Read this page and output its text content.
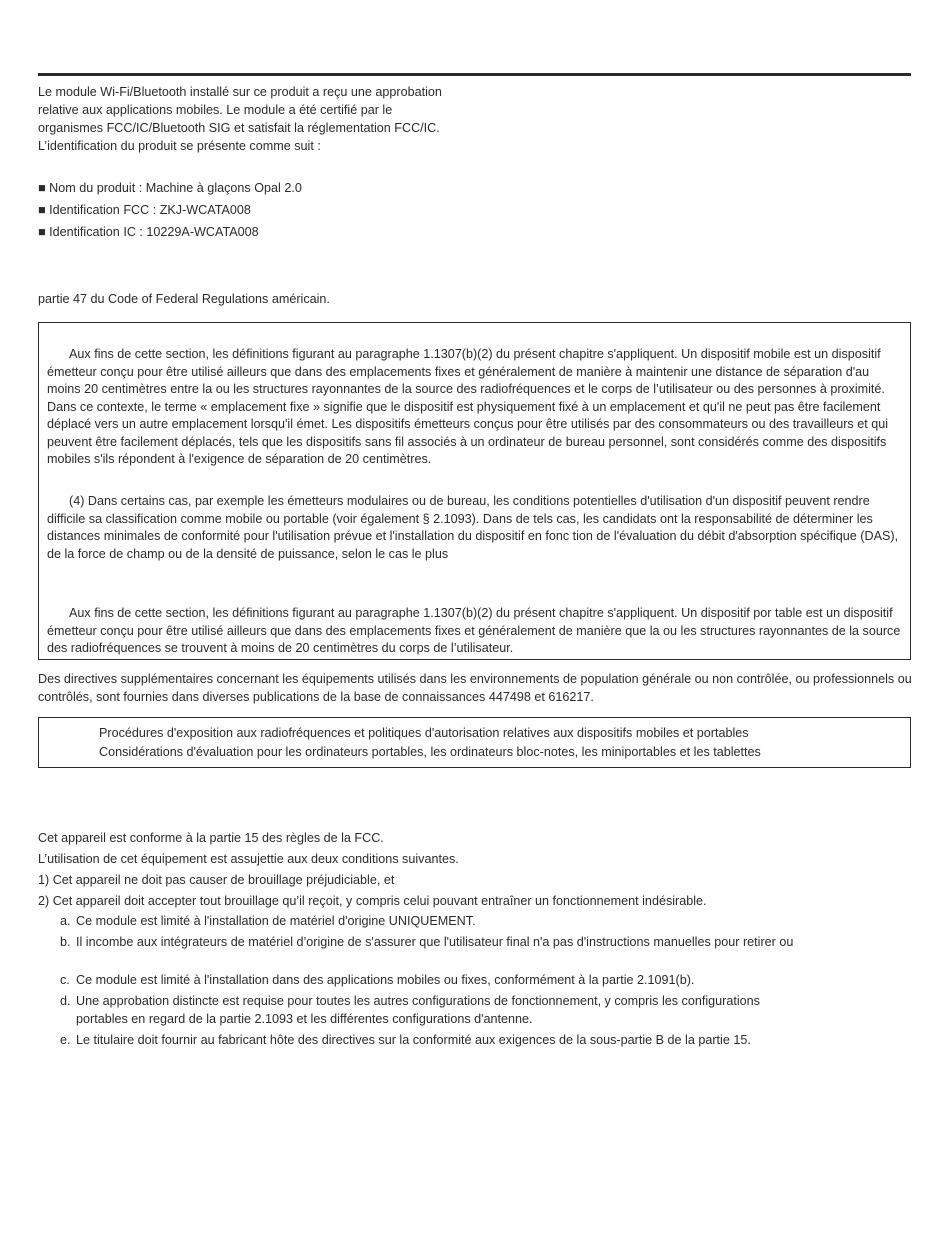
Le module Wi-Fi/Bluetooth installé sur ce produit a reçu une approbation relative aux applications mobiles. Le module a été certifié par le organismes FCC/IC/Bluetooth SIG et satisfait la réglementation FCC/IC. L’identification du produit se présente comme suit :

■ Nom du produit : Machine à glaçons Opal 2.0
■ Identification FCC : ZKJ-WCATA008
■ Identification IC : 10229A-WCATA008
partie 47 du Code of Federal Regulations américain.

Aux fins de cette section, les définitions figurant au paragraphe 1.1307(b)(2) du présent chapitre s'appliquent. Un dispositif mobile est un dispositif émetteur conçu pour être utilisé ailleurs que dans des emplacements fixes et généralement de manière à maintenir une distance de séparation d'au moins 20 centimètres entre la ou les structures rayonnantes de la source des radiofréquences et le corps de l’utilisateur ou des personnes à proximité. Dans ce contexte, le terme « emplacement fixe » signifie que le dispositif est physiquement fixé à un emplacement et qu'il ne peut pas être facilement déplacé vers un autre emplacement lorsqu'il émet. Les dispositifs émetteurs conçus pour être utilisés par des consommateurs ou des travailleurs et qui peuvent être facilement déplacés, tels que les dispositifs sans fil associés à un ordinateur de bureau personnel, sont considérés comme des dispositifs mobiles s'ils répondent à l'exigence de séparation de 20 centimètres.

(4) Dans certains cas, par exemple les émetteurs modulaires ou de bureau, les conditions potentielles d'utilisation d'un dispositif peuvent rendre difficile sa classification comme mobile ou portable (voir également § 2.1093). Dans de tels cas, les candidats ont la responsabilité de déterminer les distances minimales de conformité pour l'utilisation prévue et l'installation du dispositif en fonc tion de l'évaluation du débit d'absorption spécifique (DAS), de la force de champ ou de la densité de puissance, selon le cas le plus

Aux fins de cette section, les définitions figurant au paragraphe 1.1307(b)(2) du présent chapitre s'appliquent. Un dispositif por table est un dispositif émetteur conçu pour être utilisé ailleurs que dans des emplacements fixes et généralement de manière que la ou les structures rayonnantes de la source des radiofréquences se trouvent à moins de 20 centimètres du corps de l’utilisateur.

Des directives supplémentaires concernant les équipements utilisés dans les environnements de population générale ou non contrôlée, ou professionnels ou contrôlés, sont fournies dans diverses publications de la base de connaissances 447498 et 616217.

Procédures d'exposition aux radiofréquences et politiques d'autorisation relatives aux dispositifs mobiles et portables
Considérations d'évaluation pour les ordinateurs portables, les ordinateurs bloc-notes, les miniportables et les tablettes
Cet appareil est conforme à la partie 15 des règles de la FCC.
L’utilisation de cet équipement est assujettie aux deux conditions suivantes.
1) Cet appareil ne doit pas causer de brouillage préjudiciable, et
2) Cet appareil doit accepter tout brouillage qu’il reçoit, y compris celui pouvant entraîner un fonctionnement indésirable.
a. Ce module est limité à l'installation de matériel d'origine UNIQUEMENT.
b. Il incombe aux intégrateurs de matériel d’origine de s'assurer que l'utilisateur final n'a pas d'instructions manuelles pour retirer ou
c. Ce module est limité à l'installation dans des applications mobiles ou fixes, conformément à la partie 2.1091(b).
d. Une approbation distincte est requise pour toutes les autres configurations de fonctionnement, y compris les configurations
portables en regard de la partie 2.1093 et les différentes configurations d'antenne.
e. Le titulaire doit fournir au fabricant hôte des directives sur la conformité aux exigences de la sous-partie B de la partie 15.
